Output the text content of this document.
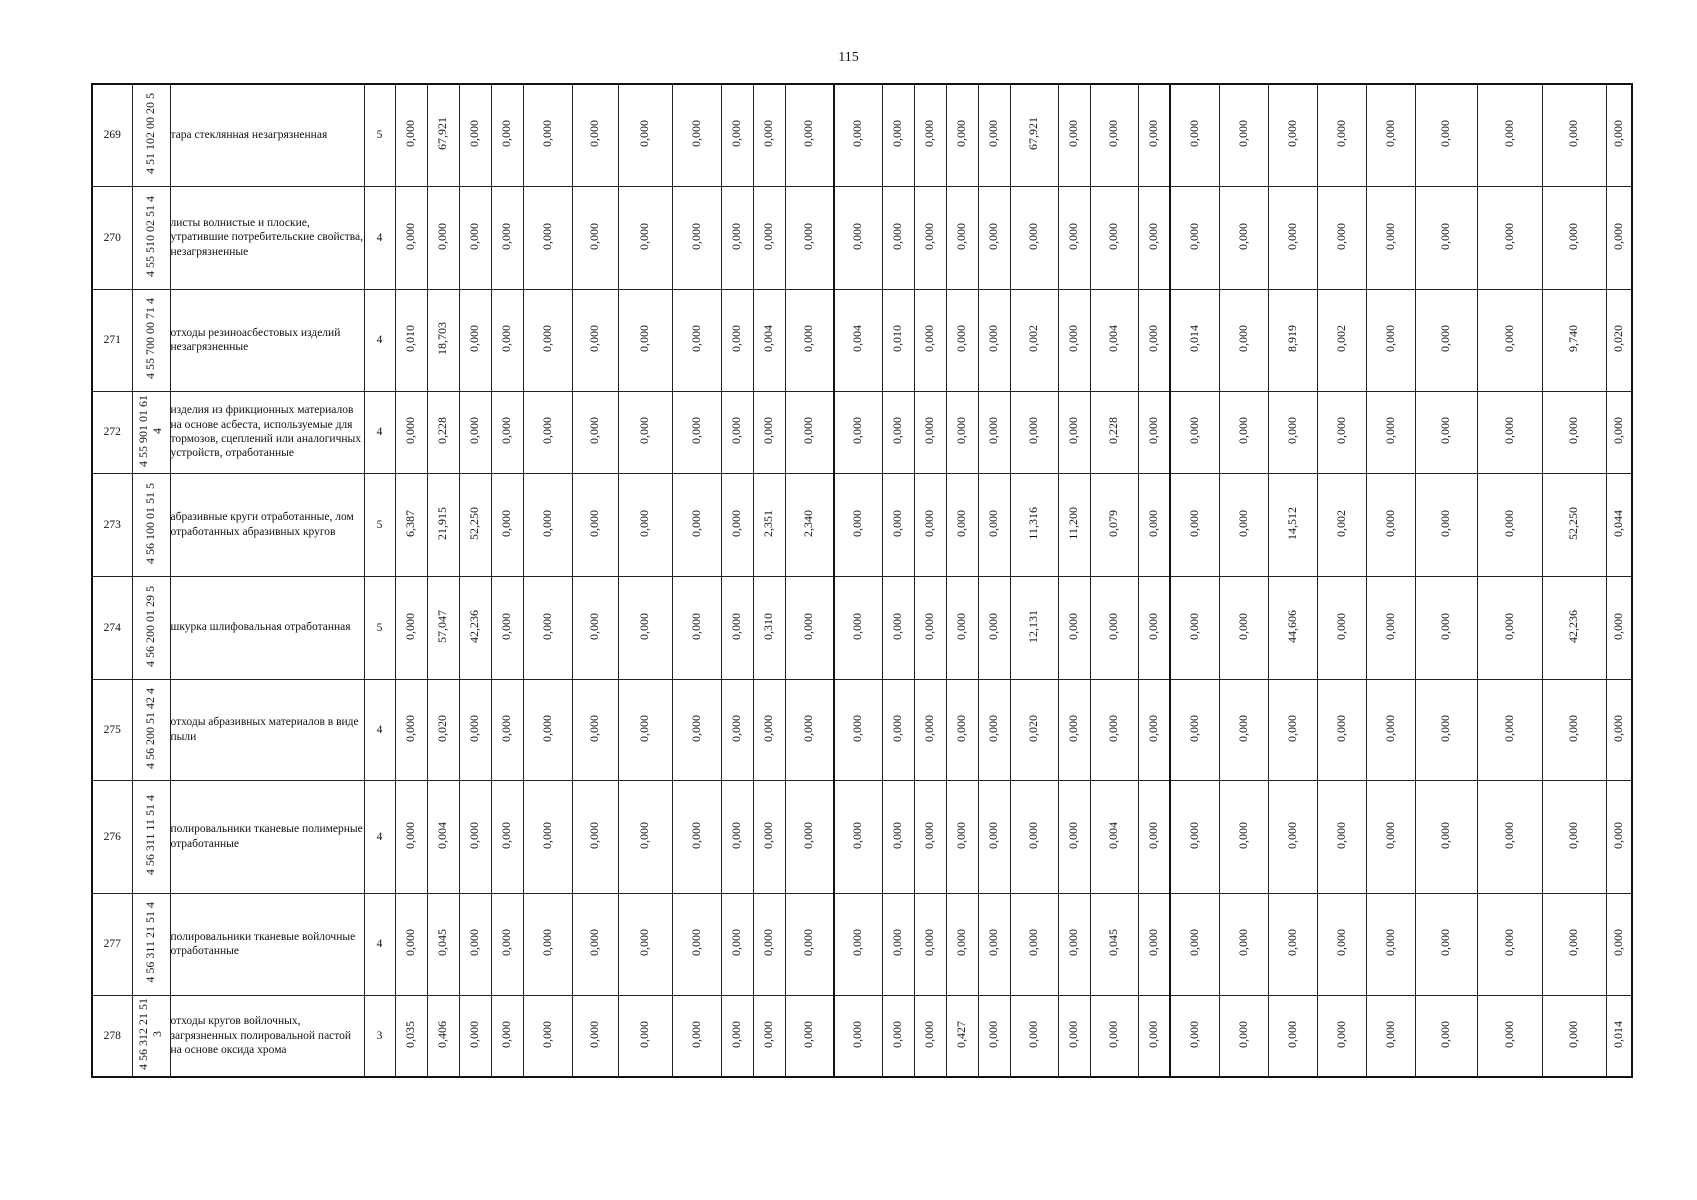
115
269	4 51 102 00 20 5	тара стеклянная незагрязненная	5	0,000	67,921	0,000	0,000	0,000	0,000	0,000	0,000	0,000	0,000	0,000	0,000	0,000	0,000	0,000	0,000	67,921	0,000	0,000	0,000	0,000	0,000	0,000	0,000	0,000	0,000	0,000	0,000	0,000
270	4 55 510 02 51 4	листы волнистые и плоские, утратившие потребительские свойства, незагрязненные	4	0,000	0,000	0,000	0,000	0,000	0,000	0,000	0,000	0,000	0,000	0,000	0,000	0,000	0,000	0,000	0,000	0,000	0,000	0,000	0,000	0,000	0,000	0,000	0,000	0,000	0,000	0,000	0,000	0,000
271	4 55 700 00 71 4	отходы резиноасбестовых изделий незагрязненные	4	0,010	18,703	0,000	0,000	0,000	0,000	0,000	0,000	0,000	0,004	0,000	0,004	0,010	0,000	0,000	0,000	0,002	0,000	0,004	0,000	0,014	0,000	8,919	0,002	0,000	0,000	0,000	9,740	0,020
272	4 55 901 01 61 4	изделия из фрикционных материалов на основе асбеста, используемые для тормозов, сцеплений или аналогичных устройств, отработанные	4	0,000	0,228	0,000	0,000	0,000	0,000	0,000	0,000	0,000	0,000	0,000	0,000	0,000	0,000	0,000	0,000	0,000	0,000	0,228	0,000	0,000	0,000	0,000	0,000	0,000	0,000	0,000	0,000	0,000
273	4 56 100 01 51 5	абразивные круги отработанные, лом отработанных абразивных кругов	5	6,387	21,915	52,250	0,000	0,000	0,000	0,000	0,000	0,000	2,351	2,340	0,000	0,000	0,000	0,000	0,000	11,316	11,200	0,079	0,000	0,000	0,000	14,512	0,002	0,000	0,000	0,000	52,250	0,044
274	4 56 200 01 29 5	шкурка шлифовальная отработанная	5	0,000	57,047	42,236	0,000	0,000	0,000	0,000	0,000	0,000	0,310	0,000	0,000	0,000	0,000	0,000	0,000	12,131	0,000	0,000	0,000	0,000	0,000	44,606	0,000	0,000	0,000	0,000	42,236	0,000
275	4 56 200 51 42 4	отходы абразивных материалов в виде пыли	4	0,000	0,020	0,000	0,000	0,000	0,000	0,000	0,000	0,000	0,000	0,000	0,000	0,000	0,000	0,000	0,000	0,020	0,000	0,000	0,000	0,000	0,000	0,000	0,000	0,000	0,000	0,000	0,000	0,000
276	4 56 311 11 51 4	полировальники тканевые полимерные отработанные	4	0,000	0,004	0,000	0,000	0,000	0,000	0,000	0,000	0,000	0,000	0,000	0,000	0,000	0,000	0,000	0,000	0,000	0,000	0,004	0,000	0,000	0,000	0,000	0,000	0,000	0,000	0,000	0,000	0,000
277	4 56 311 21 51 4	полировальники тканевые войлочные отработанные	4	0,000	0,045	0,000	0,000	0,000	0,000	0,000	0,000	0,000	0,000	0,000	0,000	0,000	0,000	0,000	0,000	0,000	0,000	0,045	0,000	0,000	0,000	0,000	0,000	0,000	0,000	0,000	0,000	0,000
278	4 56 312 21 51 3	отходы кругов войлочных, загрязненных полировальной пастой на основе оксида хрома	3	0,035	0,406	0,000	0,000	0,000	0,000	0,000	0,000	0,000	0,000	0,000	0,000	0,000	0,000	0,427	0,000	0,000	0,000	0,000	0,000	0,000	0,000	0,000	0,000	0,000	0,000	0,000	0,000	0,014
